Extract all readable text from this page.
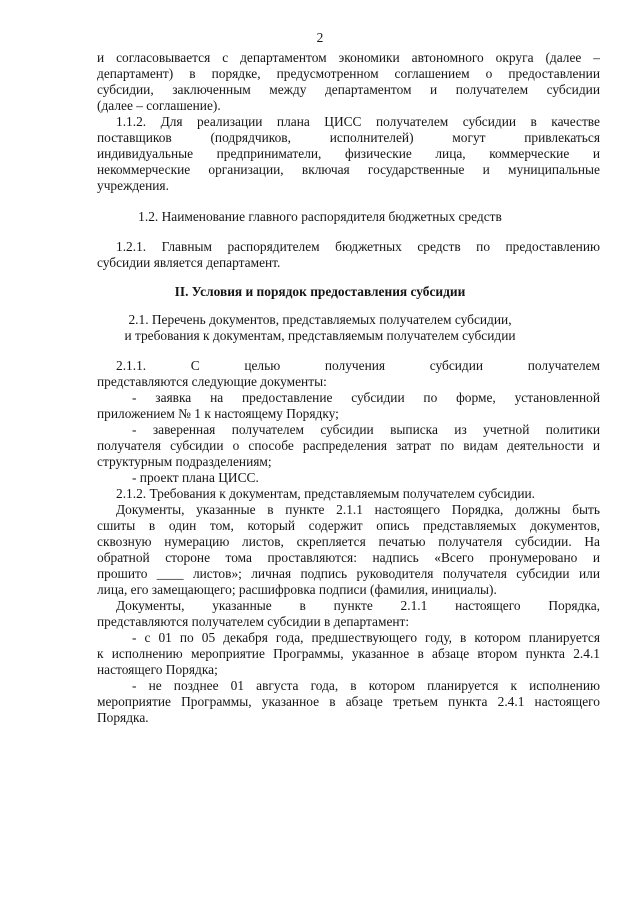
2
и согласовывается с департаментом экономики автономного округа (далее –
департамент) в порядке, предусмотренном соглашением о предоставлении
субсидии, заключенным между департаментом и получателем субсидии
(далее – соглашение).
1.1.2. Для реализации плана ЦИСС получателем субсидии в качестве
поставщиков (подрядчиков, исполнителей) могут привлекаться
индивидуальные предприниматели, физические лица, коммерческие и
некоммерческие организации, включая государственные и муниципальные
учреждения.
1.2. Наименование главного распорядителя бюджетных средств
1.2.1. Главным распорядителем бюджетных средств по предоставлению
субсидии является департамент.
II. Условия и порядок предоставления субсидии
2.1. Перечень документов, представляемых получателем субсидии,
и требования к документам, представляемым получателем субсидии
2.1.1. С целью получения субсидии получателем
представляются следующие документы:
- заявка на предоставление субсидии по форме, установленной
приложением № 1 к настоящему Порядку;
- заверенная получателем субсидии выписка из учетной политики
получателя субсидии о способе распределения затрат по видам деятельности и
структурным подразделениям;
- проект плана ЦИСС.
2.1.2. Требования к документам, представляемым получателем субсидии.
Документы, указанные в пункте 2.1.1 настоящего Порядка, должны быть
сшиты в один том, который содержит опись представляемых документов,
сквозную нумерацию листов, скрепляется печатью получателя субсидии. На
обратной стороне тома проставляются: надпись «Всего пронумеровано и
прошито ____ листов»; личная подпись руководителя получателя субсидии или
лица, его замещающего; расшифровка подписи (фамилия, инициалы).
Документы, указанные в пункте 2.1.1 настоящего Порядка,
представляются получателем субсидии в департамент:
- с 01 по 05 декабря года, предшествующего году, в котором планируется
к исполнению мероприятие Программы, указанное в абзаце втором пункта 2.4.1
настоящего Порядка;
- не позднее 01 августа года, в котором планируется к исполнению
мероприятие Программы, указанное в абзаце третьем пункта 2.4.1 настоящего
Порядка.
